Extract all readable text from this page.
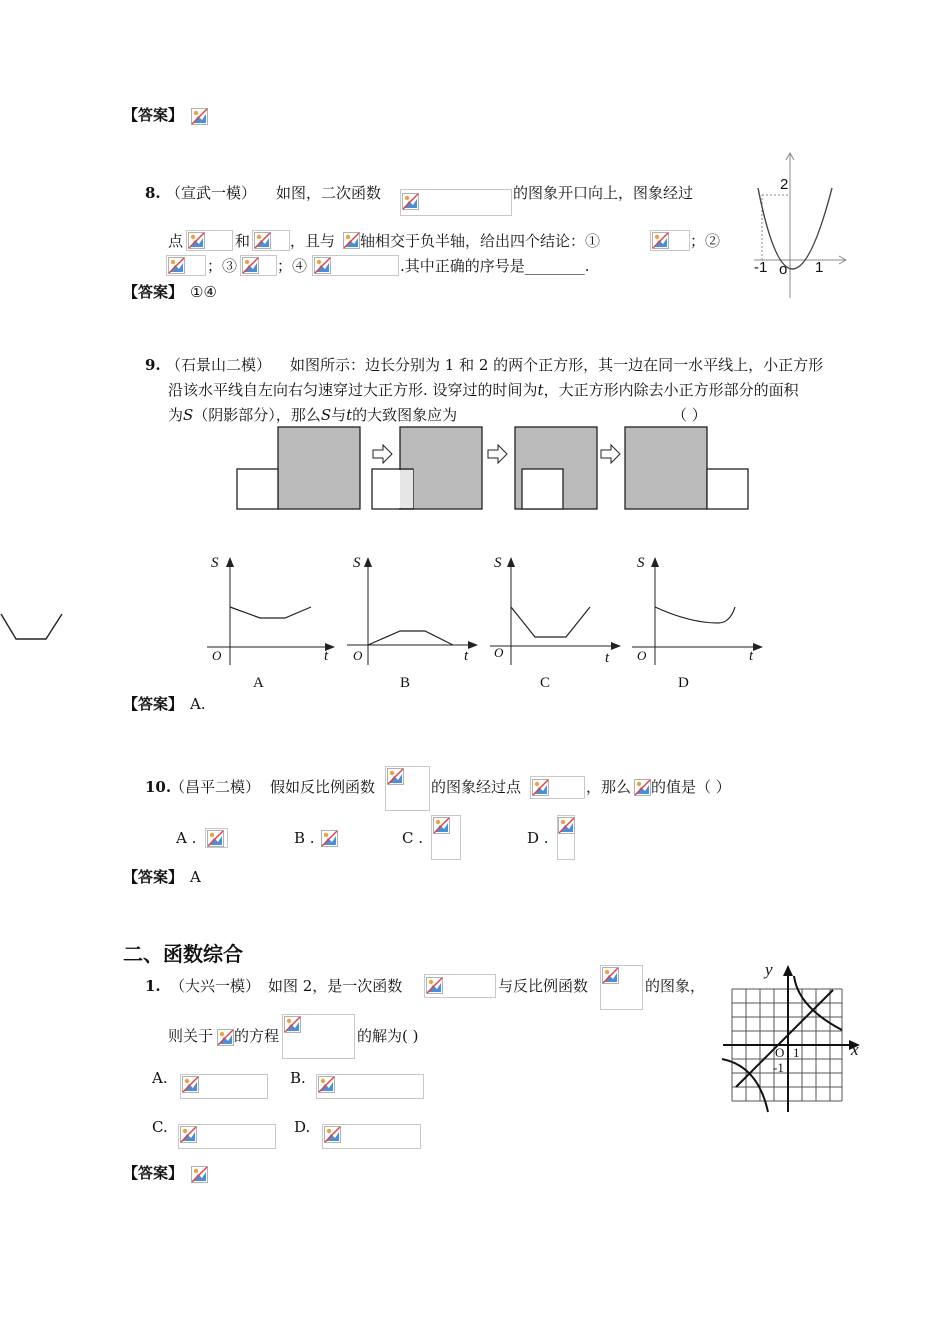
【答案】
8. （宣武一模） 如图，二次函数	的图象开口向上，图象经过
点	和	，且与 轴相交于负半轴，给出四个结论：①	；②
；③	；④	.其中正确的序号是________.
【答案】 ①④
2
-1 o 1
9. （石景山二模） 如图所示：边长分别为 1 和 2 的两个正方形，其一边在同一水平线上，小正方形
沿该水平线自左向右匀速穿过大正方形. 设穿过的时间为t，大正方形内除去小正方形部分的面积
为S（阴影部分），那么S与t的大致图象应为	（ ）
S	S	S	S
O	O	O	O
t	t	t	t
A	B	C	D
【答案】 A.
10.
（昌平二模） 假如反比例函数	的图象经过点	，那么 的值是（ ）
A .	B .	C .	D .
【答案】 A
二、函数综合
1. （大兴一模） 如图 2，是一次函数	与反比例函数	的图象，
则关于 的方程	的解为( )
A.	B.
C.	D.
【答案】
y
x
O 1
-1
